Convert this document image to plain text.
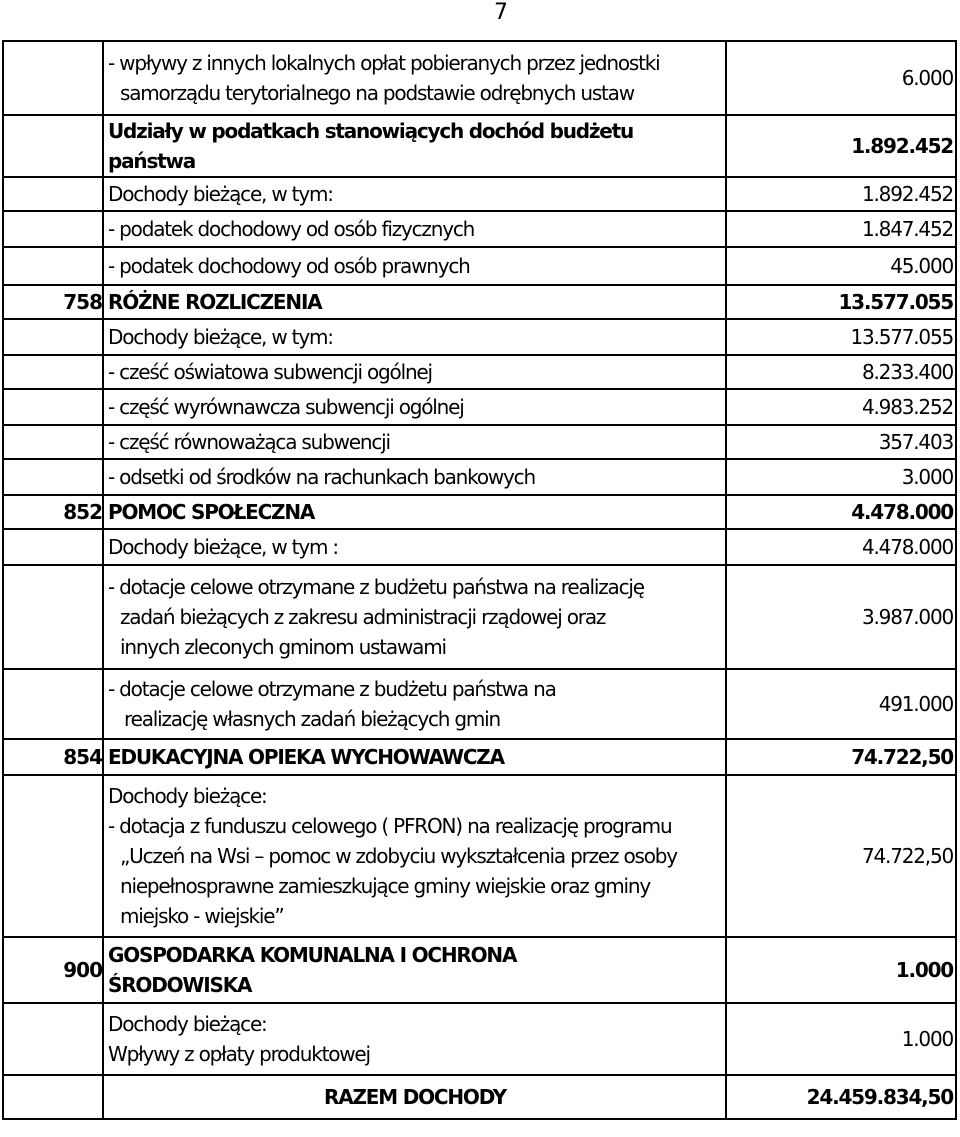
7

	- wpływy z innych lokalnych opłat pobieranych przez jednostki
samorządu terytorialnego na podstawie odrębnych ustaw	6.000

	Udziały w podatkach stanowiących dochód budżetu
państwa	1.892.452

	Dochody bieżące, w tym:	1.892.452

	- podatek dochodowy od osób fizycznych	1.847.452

	- podatek dochodowy od osób prawnych	45.000
758	RÓŻNE ROZLICZENIA	13.577.055

	Dochody bieżące, w tym:	13.577.055

	- cześć oświatowa subwencji ogólnej	8.233.400

	- część wyrównawcza subwencji ogólnej	4.983.252

	- część równoważąca subwencji	357.403

	- odsetki od środków na rachunkach bankowych	3.000
852	POMOC SPOŁECZNA	4.478.000

	Dochody bieżące, w tym :	4.478.000

	- dotacje celowe otrzymane z budżetu państwa na realizację
zadań bieżących z zakresu administracji rządowej oraz
innych zleconych gminom ustawami	3.987.000

	- dotacje celowe otrzymane z budżetu państwa na
realizację własnych zadań bieżących gmin	491.000
854	EDUKACYJNA OPIEKA WYCHOWAWCZA	74.722,50

	Dochody bieżące:
- dotacja z funduszu celowego ( PFRON) na realizację programu
„Uczeń na Wsi – pomoc w zdobyciu wykształcenia przez osoby
niepełnosprawne zamieszkujące gminy wiejskie oraz gminy
miejsko - wiejskie”	74.722,50
900	GOSPODARKA KOMUNALNA I OCHRONA
ŚRODOWISKA	1.000

	Dochody bieżące:
Wpływy z opłaty produktowej	1.000

	RAZEM DOCHODY	24.459.834,50
